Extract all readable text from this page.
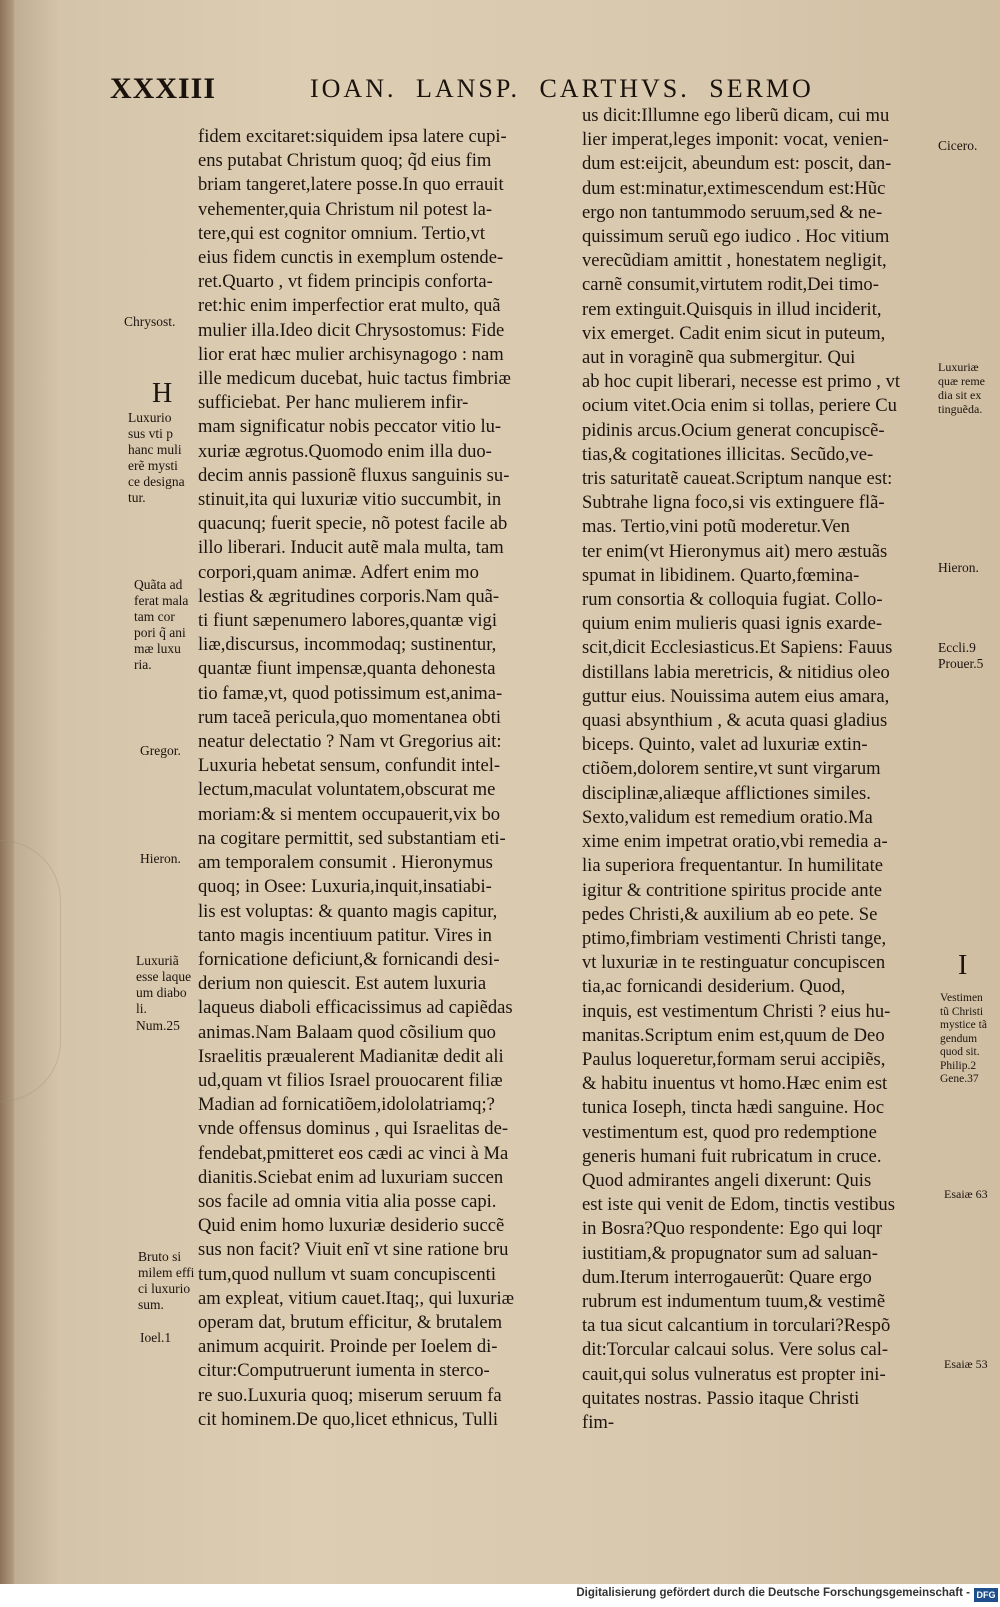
XXXIII	IOAN. LANSP. CARTHVS. SERMO
fidem excitaret:siquidem ipsa latere cupi-
ens putabat Christum quoq; q̃d eius fim
briam tangeret,latere posse.In quo errauit
vehementer,quia Christum nil potest la-
tere,qui est cognitor omnium. Tertio,vt
eius fidem cunctis in exemplum ostende-
ret.Quarto , vt fidem principis conforta-
ret:hic enim imperfectior erat multo, quã
mulier illa.Ideo dicit Chrysostomus: Fide
lior erat hæc mulier archisynagogo : nam
ille medicum ducebat, huic tactus fimbriæ
sufficiebat. Per hanc mulierem infir-
mam significatur nobis peccator vitio lu-
xuriæ ægrotus.Quomodo enim illa duo-
decim annis passionẽ fluxus sanguinis su-
stinuit,ita qui luxuriæ vitio succumbit, in
quacunq; fuerit specie, nõ potest facile ab
illo liberari. Inducit autẽ mala multa, tam
corpori,quam animæ. Adfert enim mo
lestias & ægritudines corporis.Nam quã-
ti fiunt sæpenumero labores,quantæ vigi
liæ,discursus, incommodaq; sustinentur,
quantæ fiunt impensæ,quanta dehonesta
tio famæ,vt, quod potissimum est,anima-
rum taceã pericula,quo momentanea obti
neatur delectatio ? Nam vt Gregorius ait:
Luxuria hebetat sensum, confundit intel-
lectum,maculat voluntatem,obscurat me
moriam:& si mentem occupauerit,vix bo
na cogitare permittit, sed substantiam eti-
am temporalem consumit . Hieronymus
quoq; in Osee: Luxuria,inquit,insatiabi-
lis est voluptas: & quanto magis capitur,
tanto magis incentiuum patitur. Vires in
fornicatione deficiunt,& fornicandi desi-
derium non quiescit. Est autem luxuria
laqueus diaboli efficacissimus ad capiẽdas
animas.Nam Balaam quod cõsilium quo
Israelitis præualerent Madianitæ dedit ali
ud,quam vt filios Israel prouocarent filiæ
Madian ad fornicatiõem,idololatriamq;?
vnde offensus dominus , qui Israelitas de-
fendebat,pmitteret eos cædi ac vinci à Ma
dianitis.Sciebat enim ad luxuriam succen
sos facile ad omnia vitia alia posse capi.
Quid enim homo luxuriæ desiderio succẽ
sus non facit? Viuit enĩ vt sine ratione bru
tum,quod nullum vt suam concupiscenti
am expleat, vitium cauet.Itaq;, qui luxuriæ
operam dat, brutum efficitur, & brutalem
animum acquirit. Proinde per Ioelem di-
citur:Computruerunt iumenta in sterco-
re suo.Luxuria quoq; miserum seruum fa
cit hominem.De quo,licet ethnicus, Tulli
us dicit:Illumne ego liberũ dicam, cui mu
lier imperat,leges imponit: vocat, venien-
dum est:eijcit, abeundum est: poscit, dan-
dum est:minatur,extimescendum est:Hũc
ergo non tantummodo seruum,sed & ne-
quissimum seruũ ego iudico . Hoc vitium
verecũdiam amittit , honestatem negligit,
carnẽ consumit,virtutem rodit,Dei timo-
rem extinguit.Quisquis in illud inciderit,
vix emerget. Cadit enim sicut in puteum,
aut in voraginẽ qua submergitur. Qui
ab hoc cupit liberari, necesse est primo , vt
ocium vitet.Ocia enim si tollas, periere Cu
pidinis arcus.Ocium generat concupiscẽ-
tias,& cogitationes illicitas. Secũdo,ve-
tris saturitatẽ caueat.Scriptum nanque est:
Subtrahe ligna foco,si vis extinguere flã-
mas. Tertio,vini potũ moderetur.Ven
ter enim(vt Hieronymus ait) mero æstuãs
spumat in libidinem. Quarto,fœmina-
rum consortia & colloquia fugiat. Collo-
quium enim mulieris quasi ignis exarde-
scit,dicit Ecclesiasticus.Et Sapiens: Fauus
distillans labia meretricis, & nitidius oleo
guttur eius. Nouissima autem eius amara,
quasi absynthium , & acuta quasi gladius
biceps. Quinto, valet ad luxuriæ extin-
ctiõem,dolorem sentire,vt sunt virgarum
disciplinæ,aliæque afflictiones similes.
Sexto,validum est remedium oratio.Ma
xime enim impetrat oratio,vbi remedia a-
lia superiora frequentantur. In humilitate
igitur & contritione spiritus procide ante
pedes Christi,& auxilium ab eo pete. Se
ptimo,fimbriam vestimenti Christi tange,
vt luxuriæ in te restinguatur concupiscen
tia,ac fornicandi desiderium. Quod,
inquis, est vestimentum Christi ? eius hu-
manitas.Scriptum enim est,quum de Deo
Paulus loqueretur,formam serui accipiẽs,
& habitu inuentus vt homo.Hæc enim est
tunica Ioseph, tincta hædi sanguine. Hoc
vestimentum est, quod pro redemptione
generis humani fuit rubricatum in cruce.
Quod admirantes angeli dixerunt: Quis
est iste qui venit de Edom, tinctis vestibus
in Bosra?Quo respondente: Ego qui loqr
iustitiam,& propugnator sum ad saluan-
dum.Iterum interrogauerũt: Quare ergo
rubrum est indumentum tuum,& vestimẽ
ta tua sicut calcantium in torculari?Respõ
dit:Torcular calcaui solus. Vere solus cal-
cauit,qui solus vulneratus est propter ini-
quitates nostras. Passio itaque Christi
fim-
Chrysost.
H
Luxurio
sus vti p
hanc muli
erẽ mysti
ce designa
tur.
Quãta ad
ferat mala
tam cor
pori q̃ ani
mæ luxu
ria.
Gregor.
Hieron.
Luxuriã
esse laque
um diabo
li.
Num.25
Bruto si
milem effi
ci luxurio
sum.
Ioel.1
Cicero.
Luxuriæ
quæ reme
dia sit ex
tinguẽda.
Hieron.
Eccli.9
Prouer.5
I
Vestimen
tũ Christi
mystice tã
gendum
quod sit.
Philip.2
Gene.37
Esaiæ 63
Esaiæ 53
Digitalisierung gefördert durch die Deutsche Forschungsgemeinschaft - DFG
